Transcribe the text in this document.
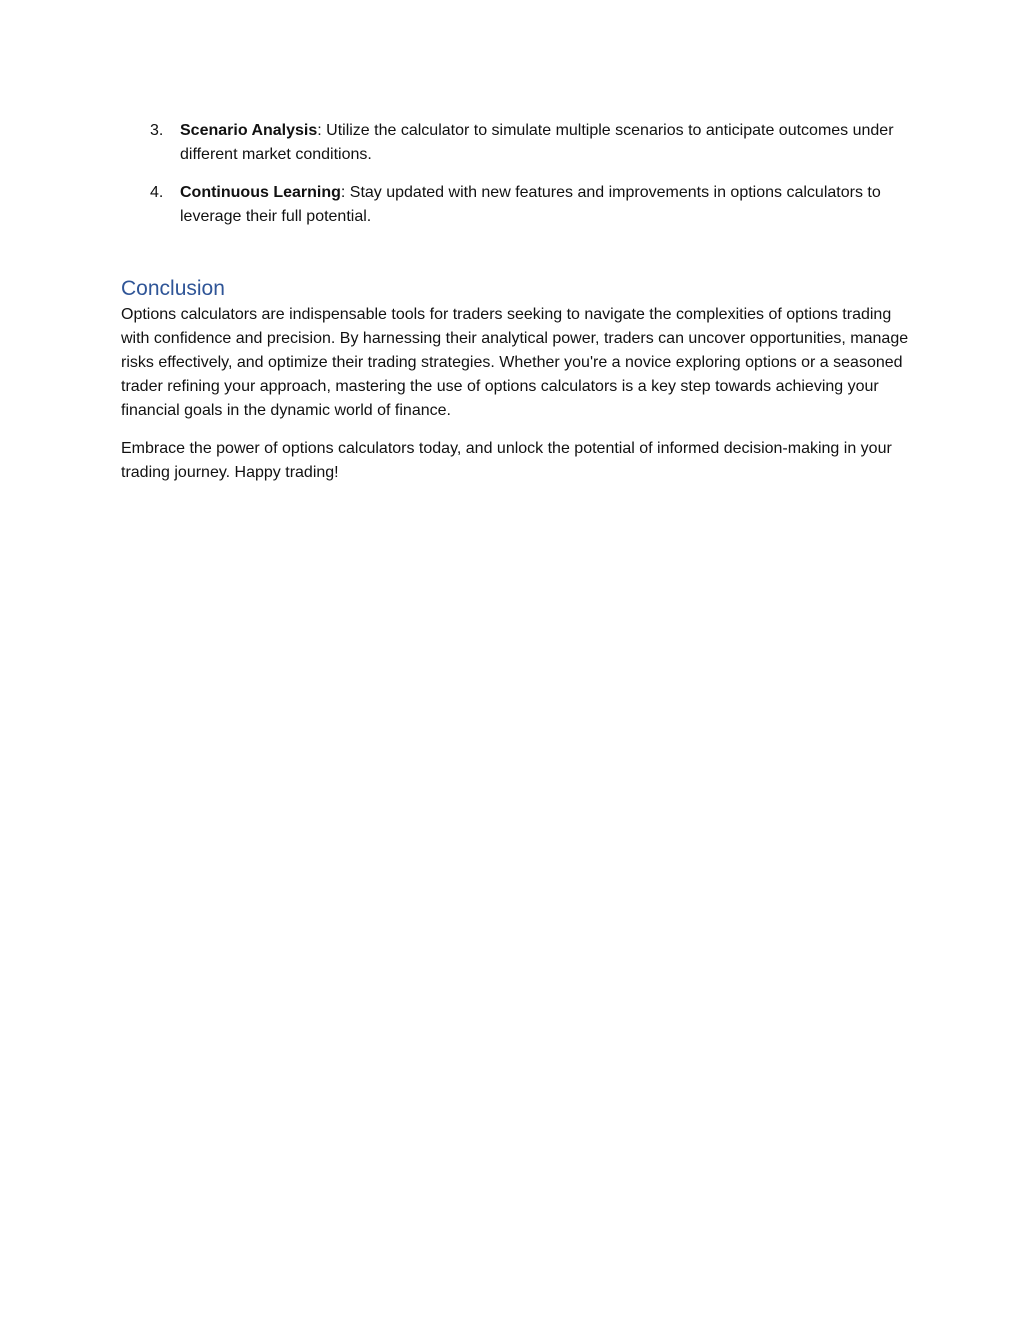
3. Scenario Analysis: Utilize the calculator to simulate multiple scenarios to anticipate outcomes under different market conditions.
4. Continuous Learning: Stay updated with new features and improvements in options calculators to leverage their full potential.
Conclusion

Options calculators are indispensable tools for traders seeking to navigate the complexities of options trading with confidence and precision. By harnessing their analytical power, traders can uncover opportunities, manage risks effectively, and optimize their trading strategies. Whether you're a novice exploring options or a seasoned trader refining your approach, mastering the use of options calculators is a key step towards achieving your financial goals in the dynamic world of finance.

Embrace the power of options calculators today, and unlock the potential of informed decision-making in your trading journey. Happy trading!
